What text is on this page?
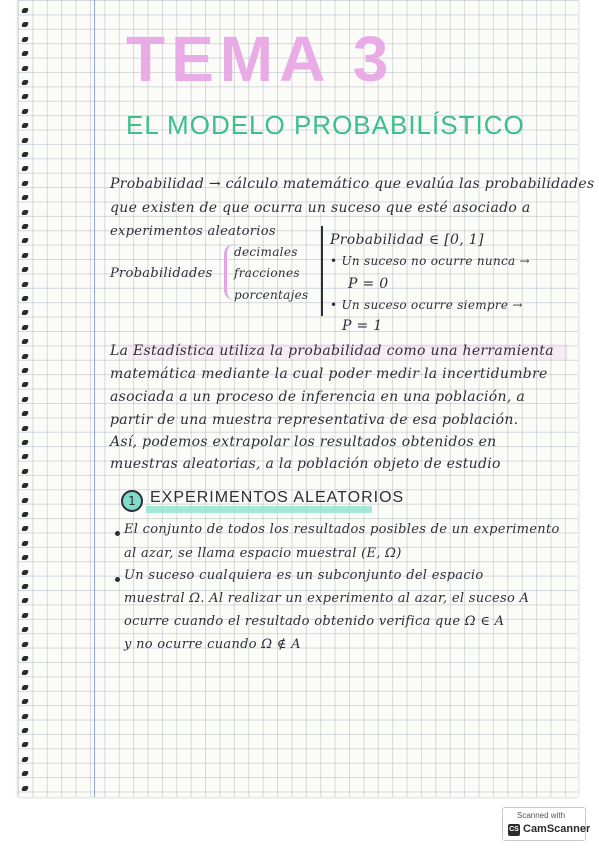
TEMA 3
EL MODELO PROBABILÍSTICO
Probabilidad → cálculo matemático que evalúa las probabilidades
que existen de que ocurra un suceso que esté asociado a
experimentos aleatorios
Probabilidades
decimales
fracciones
porcentajes
Probabilidad ∈ [0, 1]
• Un suceso no ocurre nunca →
P = 0
• Un suceso ocurre siempre →
P = 1
La Estadística utiliza la probabilidad como una herramienta
matemática mediante la cual poder medir la incertidumbre
asociada a un proceso de inferencia en una población, a
partir de una muestra representativa de esa población.
Así, podemos extrapolar los resultados obtenidos en
muestras aleatorias, a la población objeto de estudio
1 EXPERIMENTOS ALEATORIOS
El conjunto de todos los resultados posibles de un experimento
al azar, se llama espacio muestral (E, Ω)
Un suceso cualquiera es un subconjunto del espacio
muestral Ω. Al realizar un experimento al azar, el suceso A
ocurre cuando el resultado obtenido verifica que Ω ∈ A
y no ocurre cuando Ω ∉ A
Scanned with
CS CamScanner
